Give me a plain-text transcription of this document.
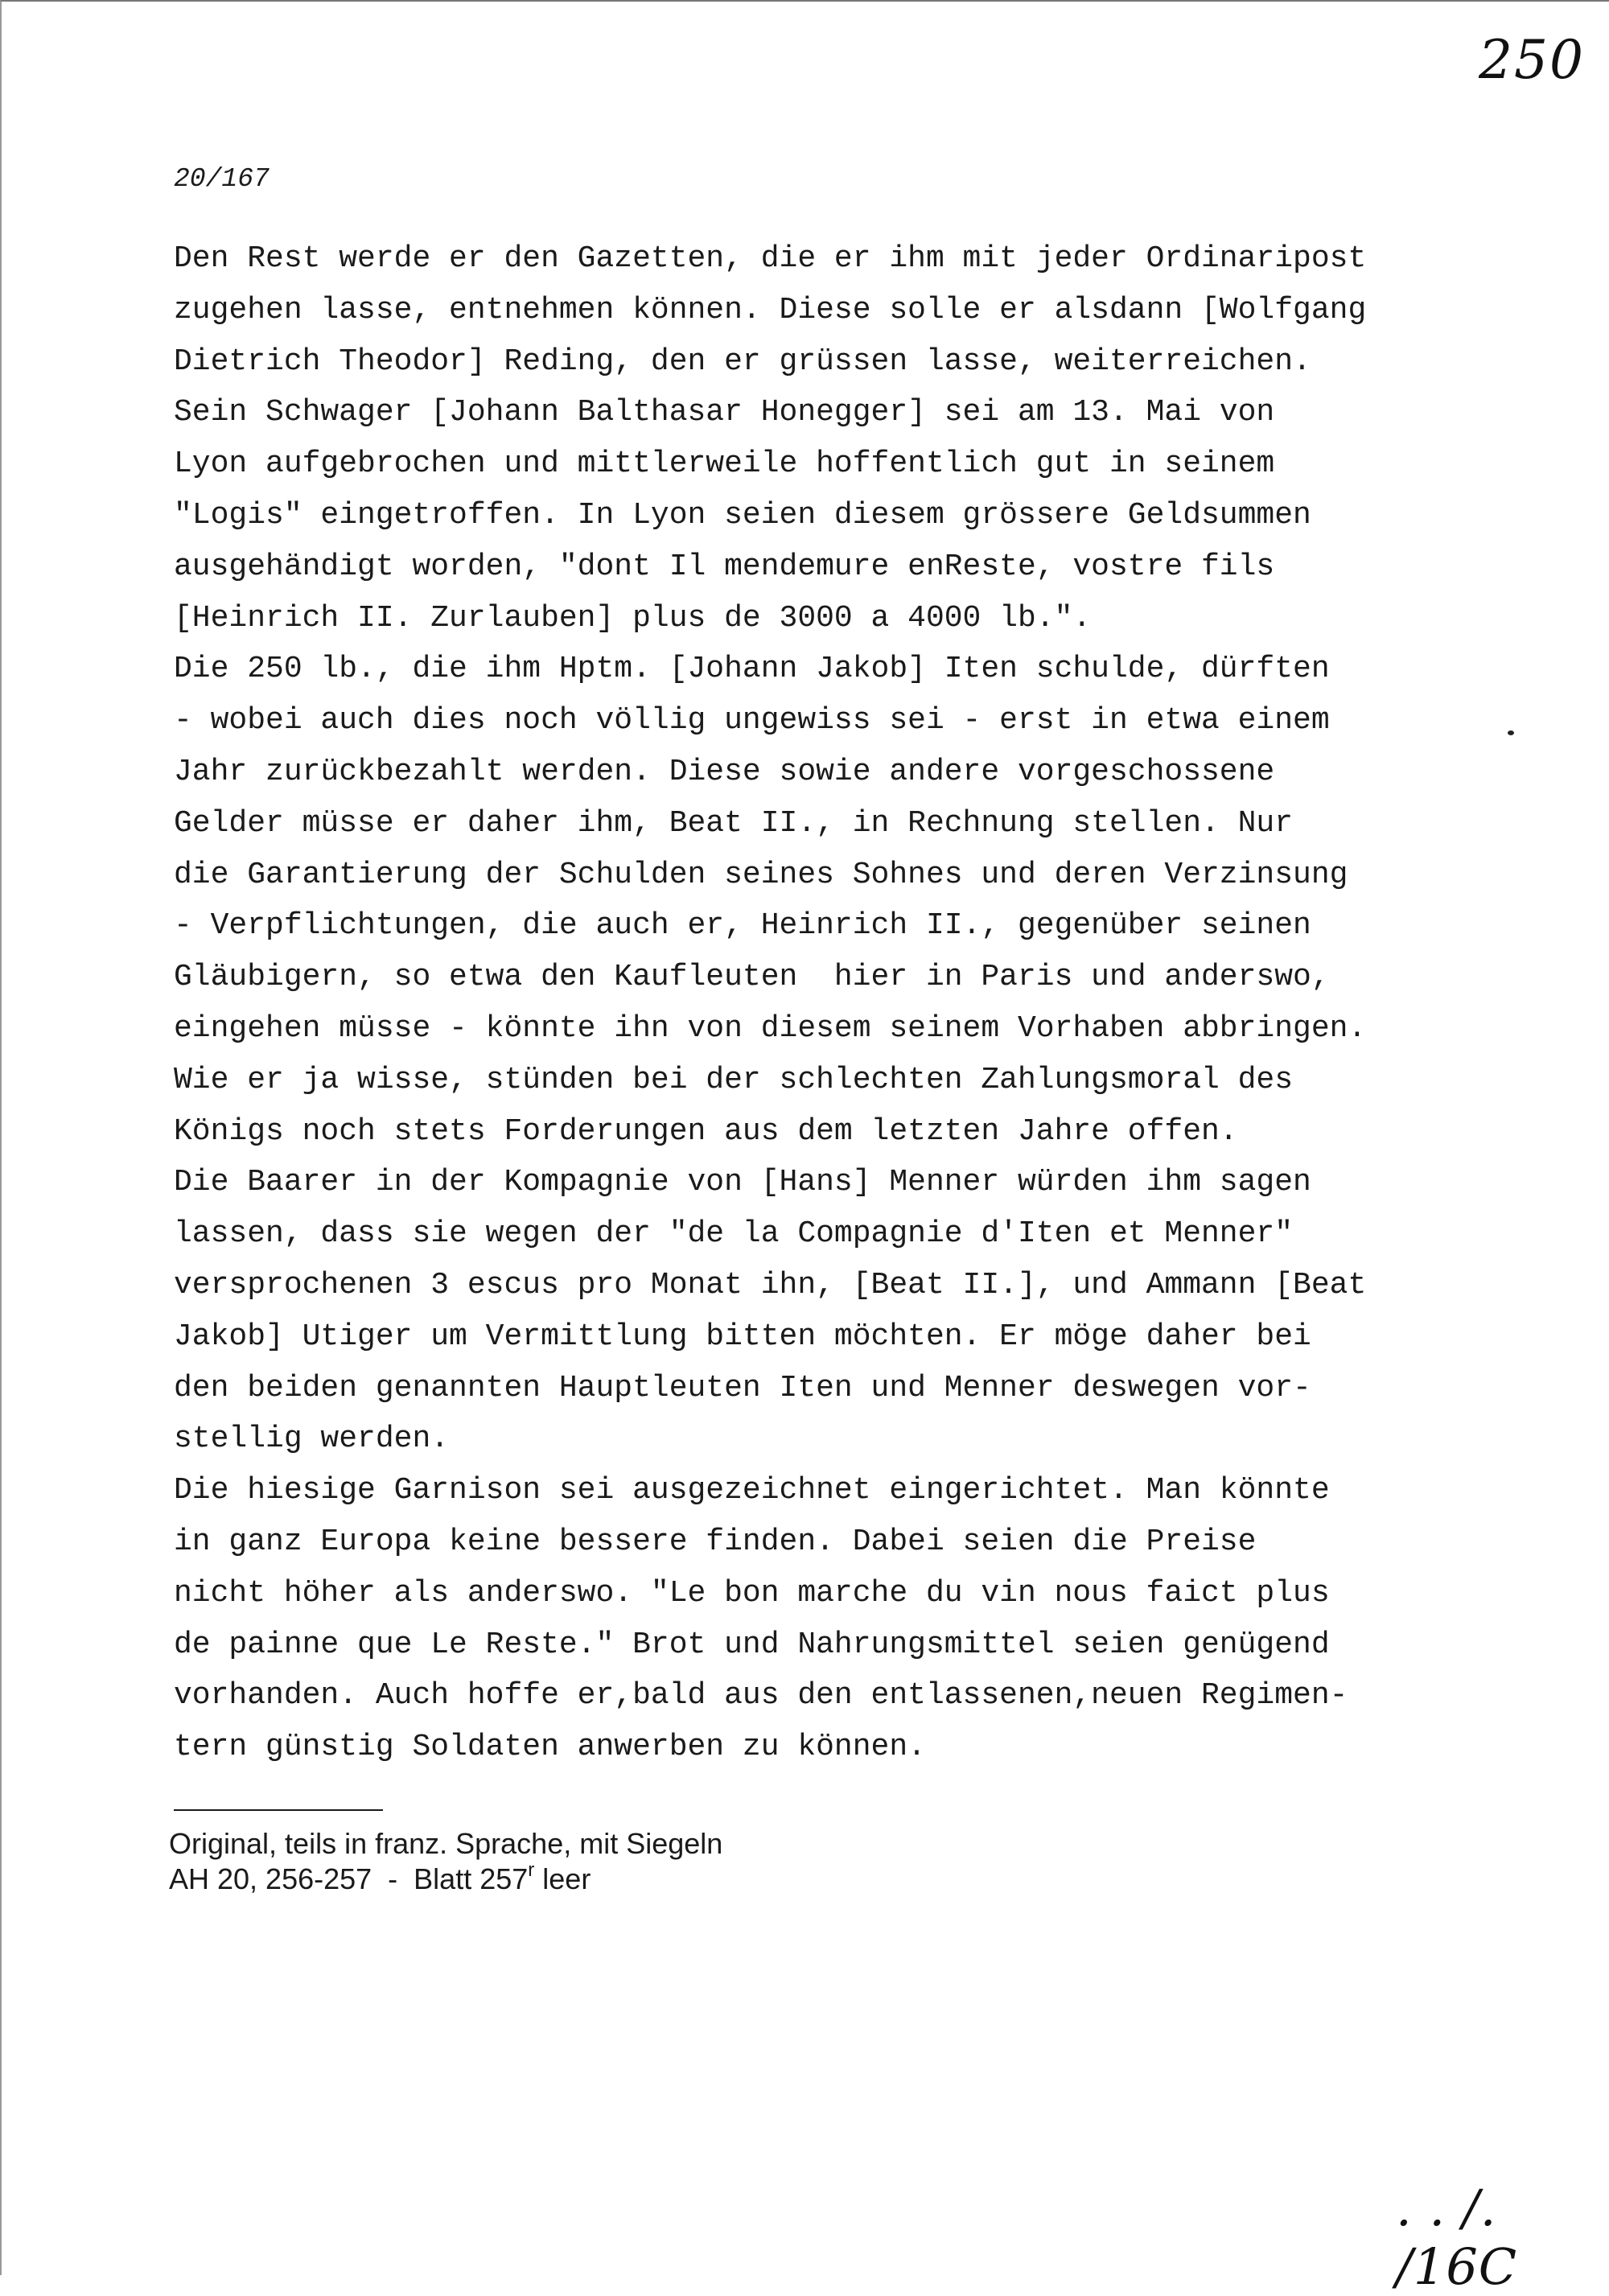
250
20/167
Den Rest werde er den Gazetten, die er ihm mit jeder Ordinaripost
zugehen lasse, entnehmen können. Diese solle er alsdann [Wolfgang
Dietrich Theodor] Reding, den er grüssen lasse, weiterreichen.
Sein Schwager [Johann Balthasar Honegger] sei am 13. Mai von
Lyon aufgebrochen und mittlerweile hoffentlich gut in seinem
"Logis" eingetroffen. In Lyon seien diesem grössere Geldsummen
ausgehändigt worden, "dont Il mendemure enReste, vostre fils
[Heinrich II. Zurlauben] plus de 3000 a 4000 lb.".
Die 250 lb., die ihm Hptm. [Johann Jakob] Iten schulde, dürften
- wobei auch dies noch völlig ungewiss sei - erst in etwa einem
Jahr zurückbezahlt werden. Diese sowie andere vorgeschossene
Gelder müsse er daher ihm, Beat II., in Rechnung stellen. Nur
die Garantierung der Schulden seines Sohnes und deren Verzinsung
- Verpflichtungen, die auch er, Heinrich II., gegenüber seinen
Gläubigern, so etwa den Kaufleuten  hier in Paris und anderswo,
eingehen müsse - könnte ihn von diesem seinem Vorhaben abbringen.
Wie er ja wisse, stünden bei der schlechten Zahlungsmoral des
Königs noch stets Forderungen aus dem letzten Jahre offen.
Die Baarer in der Kompagnie von [Hans] Menner würden ihm sagen
lassen, dass sie wegen der "de la Compagnie d'Iten et Menner"
versprochenen 3 escus pro Monat ihn, [Beat II.], und Ammann [Beat
Jakob] Utiger um Vermittlung bitten möchten. Er möge daher bei
den beiden genannten Hauptleuten Iten und Menner deswegen vor-
stellig werden.
Die hiesige Garnison sei ausgezeichnet eingerichtet. Man könnte
in ganz Europa keine bessere finden. Dabei seien die Preise
nicht höher als anderswo. "Le bon marche du vin nous faict plus
de painne que Le Reste." Brot und Nahrungsmittel seien genügend
vorhanden. Auch hoffe er,bald aus den entlassenen,neuen Regimen-
tern günstig Soldaten anwerben zu können.
Original, teils in franz. Sprache, mit Siegeln
AH 20, 256-257  -  Blatt 257$^r$ leer
. . /. /16C
